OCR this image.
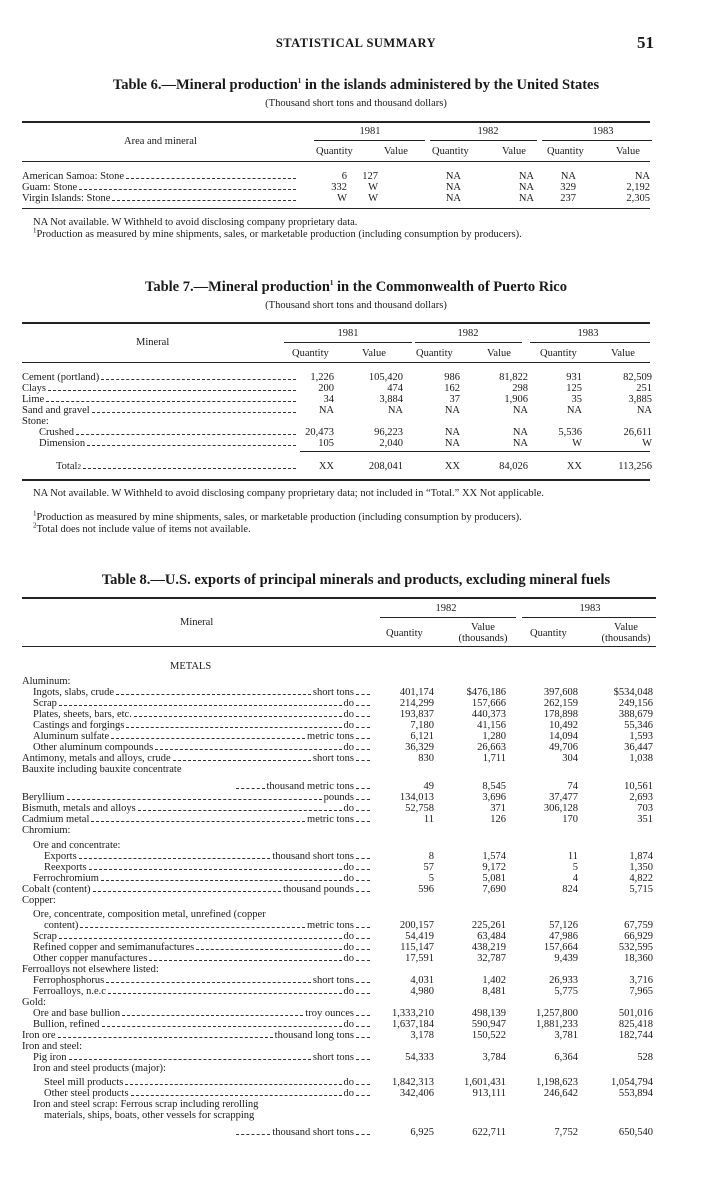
STATISTICAL SUMMARY	51
Table 6.—Mineral production$^1$ in the islands administered by the United States
(Thousand short tons and thousand dollars)
Area and mineral
1981	1982	1983
Quantity	Value Quantity	Value Quantity	Value
American Samoa: Stone	6 127	NA	NA	NA	NA
Guam: Stone	332 W	NA	NA	329	2,192
Virgin Islands: Stone	W W	NA	NA	237	2,305
NA Not available. W Withheld to avoid disclosing company proprietary data.
$^1$Production as measured by mine shipments, sales, or marketable production (including consumption by producers).
Table 7.—Mineral production$^1$ in the Commonwealth of Puerto Rico
(Thousand short tons and thousand dollars)
Mineral
1981	1982	1983
Quantity	Value	Quantity	Value	Quantity	Value
Cement (portland)	1,226	105,420	986	81,822	931	82,509
Clays	200	474	162	298	125	251
Lime	34	3,884	37	1,906	35	3,885
Sand and gravel	NA	NA	NA	NA	NA	NA
Stone:
Crushed	20,473	96,223	NA	NA	5,536	26,611
Dimension	105	2,040	NA	NA	W	W
Total 2	XX	208,041	XX	84,026	XX	113,256
NA Not available. W Withheld to avoid disclosing company proprietary data; not included in “Total.” XX Not applicable.
$^1$Production as measured by mine shipments, sales, or marketable production (including consumption by producers).
$^2$Total does not include value of items not available.
Table 8.—U.S. exports of principal minerals and products, excluding mineral fuels
Mineral
1982	1983
Quantity
Value
(thousands)	Quantity
Value
(thousands)
METALS
Aluminum:
Ingots, slabs, crude	short tons	401,174	$476,186	397,608	$534,048
Scrap	do	214,299	157,666	262,159	249,156
Plates, sheets, bars, etc.	do	193,837	440,373	178,898	388,679
Castings and forgings	do	7,180	41,156	10,492	55,346
Aluminum sulfate	metric tons	6,121	1,280	14,094	1,593
Other aluminum compounds	do	36,329	26,663	49,706	36,447
Antimony, metals and alloys, crude	short tons	830	1,711	304	1,038
Bauxite including bauxite concentrate
thousand metric tons	49	8,545	74	10,561
Beryllium	pounds	134,013	3,696	37,477	2,693
Bismuth, metals and alloys	do	52,758	371	306,128	703
Cadmium metal	metric tons	11	126	170	351
Chromium:
Ore and concentrate:
Exports	thousand short tons	8	1,574	11	1,874
Reexports	do	57	9,172	5	1,350
Ferrochromium	do	5	5,081	4	4,822
Cobalt (content)	thousand pounds	596	7,690	824	5,715
Copper:
Ore, concentrate, composition metal, unrefined (copper
content)	metric tons	200,157	225,261	57,126	67,759
Scrap	do	54,419	63,484	47,986	66,929
Refined copper and semimanufactures	do	115,147	438,219	157,664	532,595
Other copper manufactures	do	17,591	32,787	9,439	18,360
Ferroalloys not elsewhere listed:
Ferrophosphorus	short tons	4,031	1,402	26,933	3,716
Ferroalloys, n.e.c	do	4,980	8,481	5,775	7,965
Gold:
Ore and base bullion	troy ounces	1,333,210	498,139	1,257,800	501,016
Bullion, refined	do	1,637,184	590,947	1,881,233	825,418
Iron ore	thousand long tons	3,178	150,522	3,781	182,744
Iron and steel:
Pig iron	short tons	54,333	3,784	6,364	528
Iron and steel products (major):
Steel mill products	do	1,842,313	1,601,431	1,198,623	1,054,794
Other steel products	do	342,406	913,111	246,642	553,894
Iron and steel scrap: Ferrous scrap including rerolling
materials, ships, boats, other vessels for scrapping
thousand short tons	6,925	622,711	7,752	650,540
